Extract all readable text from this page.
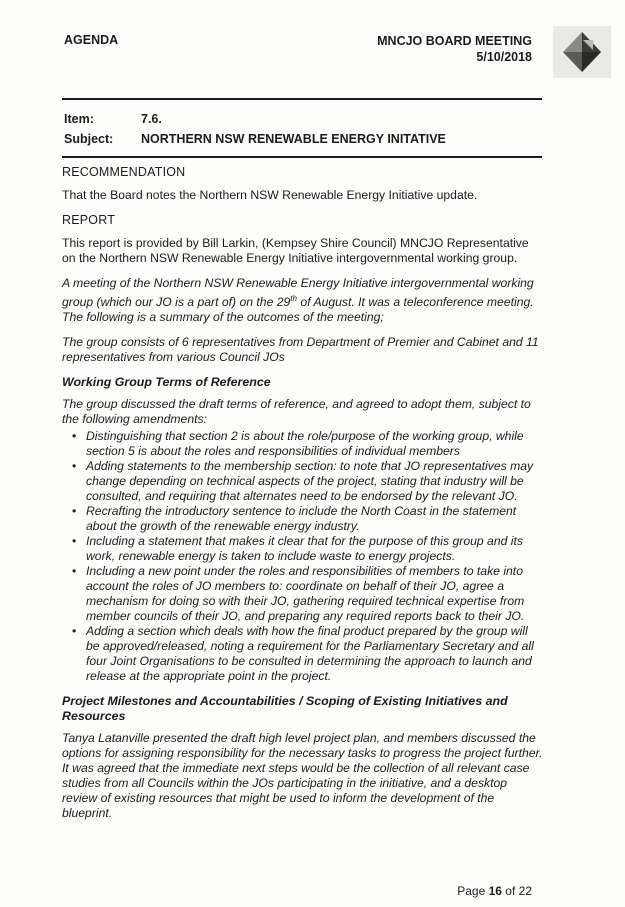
AGENDA	MNCJO BOARD MEETING
5/10/2018
Item:	7.6.
Subject:	NORTHERN NSW RENEWABLE ENERGY INITATIVE
RECOMMENDATION

That the Board notes the Northern NSW Renewable Energy Initiative update.

REPORT

This report is provided by Bill Larkin, (Kempsey Shire Council) MNCJO Representative on the Northern NSW Renewable Energy Initiative intergovernmental working group.

A meeting of the Northern NSW Renewable Energy Initiative intergovernmental working group (which our JO is a part of) on the 29th of August. It was a teleconference meeting. The following is a summary of the outcomes of the meeting;

The group consists of 6 representatives from Department of Premier and Cabinet and 11 representatives from various Council JOs

Working Group Terms of Reference

The group discussed the draft terms of reference, and agreed to adopt them, subject to the following amendments:

• Distinguishing that section 2 is about the role/purpose of the working group, while section 5 is about the roles and responsibilities of individual members
• Adding statements to the membership section: to note that JO representatives may change depending on technical aspects of the project, stating that industry will be consulted, and requiring that alternates need to be endorsed by the relevant JO.
• Recrafting the introductory sentence to include the North Coast in the statement about the growth of the renewable energy industry.
• Including a statement that makes it clear that for the purpose of this group and its work, renewable energy is taken to include waste to energy projects.
• Including a new point under the roles and responsibilities of members to take into account the roles of JO members to: coordinate on behalf of their JO, agree a mechanism for doing so with their JO, gathering required technical expertise from member councils of their JO, and preparing any required reports back to their JO.
• Adding a section which deals with how the final product prepared by the group will be approved/released, noting a requirement for the Parliamentary Secretary and all four Joint Organisations to be consulted in determining the approach to launch and release at the appropriate point in the project.
Project Milestones and Accountabilities / Scoping of Existing Initiatives and Resources

Tanya Latanville presented the draft high level project plan, and members discussed the options for assigning responsibility for the necessary tasks to progress the project further. It was agreed that the immediate next steps would be the collection of all relevant case studies from all Councils within the JOs participating in the initiative, and a desktop review of existing resources that might be used to inform the development of the blueprint.

Page 16 of 22
